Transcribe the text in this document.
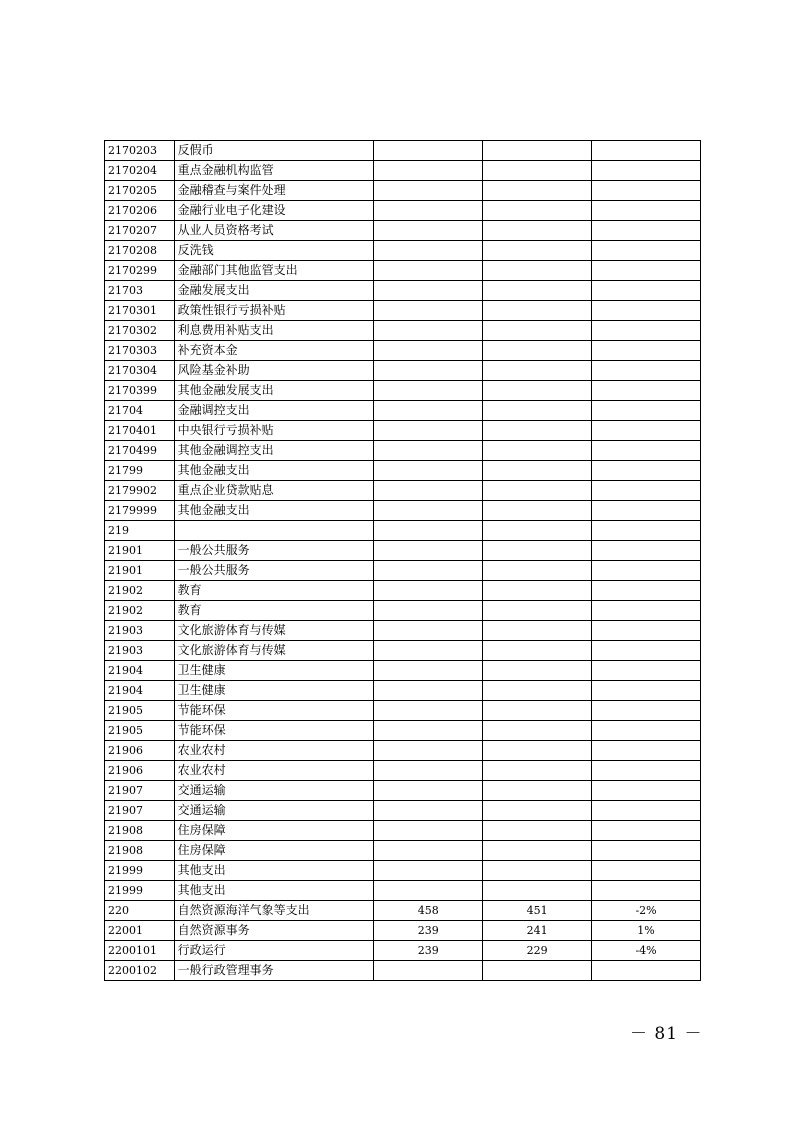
2170203	反假币			
2170204	重点金融机构监管			
2170205	金融稽查与案件处理			
2170206	金融行业电子化建设			
2170207	从业人员资格考试			
2170208	反洗钱			
2170299	金融部门其他监管支出			
21703	金融发展支出			
2170301	政策性银行亏损补贴			
2170302	利息费用补贴支出			
2170303	补充资本金			
2170304	风险基金补助			
2170399	其他金融发展支出			
21704	金融调控支出			
2170401	中央银行亏损补贴			
2170499	其他金融调控支出			
21799	其他金融支出			
2179902	重点企业贷款贴息			
2179999	其他金融支出			
219				
21901	一般公共服务			
21901	一般公共服务			
21902	教育			
21902	教育			
21903	文化旅游体育与传媒			
21903	文化旅游体育与传媒			
21904	卫生健康			
21904	卫生健康			
21905	节能环保			
21905	节能环保			
21906	农业农村			
21906	农业农村			
21907	交通运输			
21907	交通运输			
21908	住房保障			
21908	住房保障			
21999	其他支出			
21999	其他支出			
220	自然资源海洋气象等支出	458	451	-2%
22001	自然资源事务	239	241	1%
2200101	行政运行	239	229	-4%
2200102	一般行政管理事务			
－ 81 －
